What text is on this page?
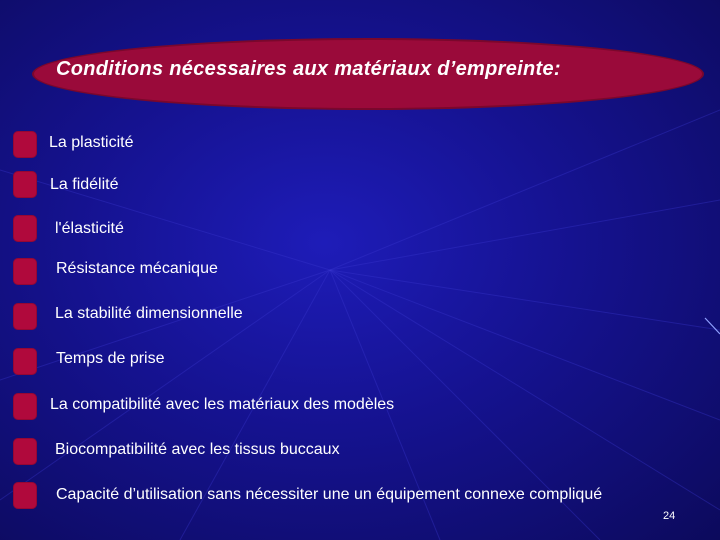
Conditions nécessaires aux matériaux d’empreinte:
La plasticité
La fidélité
l'élasticité
Résistance mécanique
La stabilité dimensionnelle
Temps de prise
La compatibilité avec les matériaux des modèles
Biocompatibilité avec les tissus buccaux
Capacité d’utilisation sans nécessiter une un équipement connexe compliqué
24
